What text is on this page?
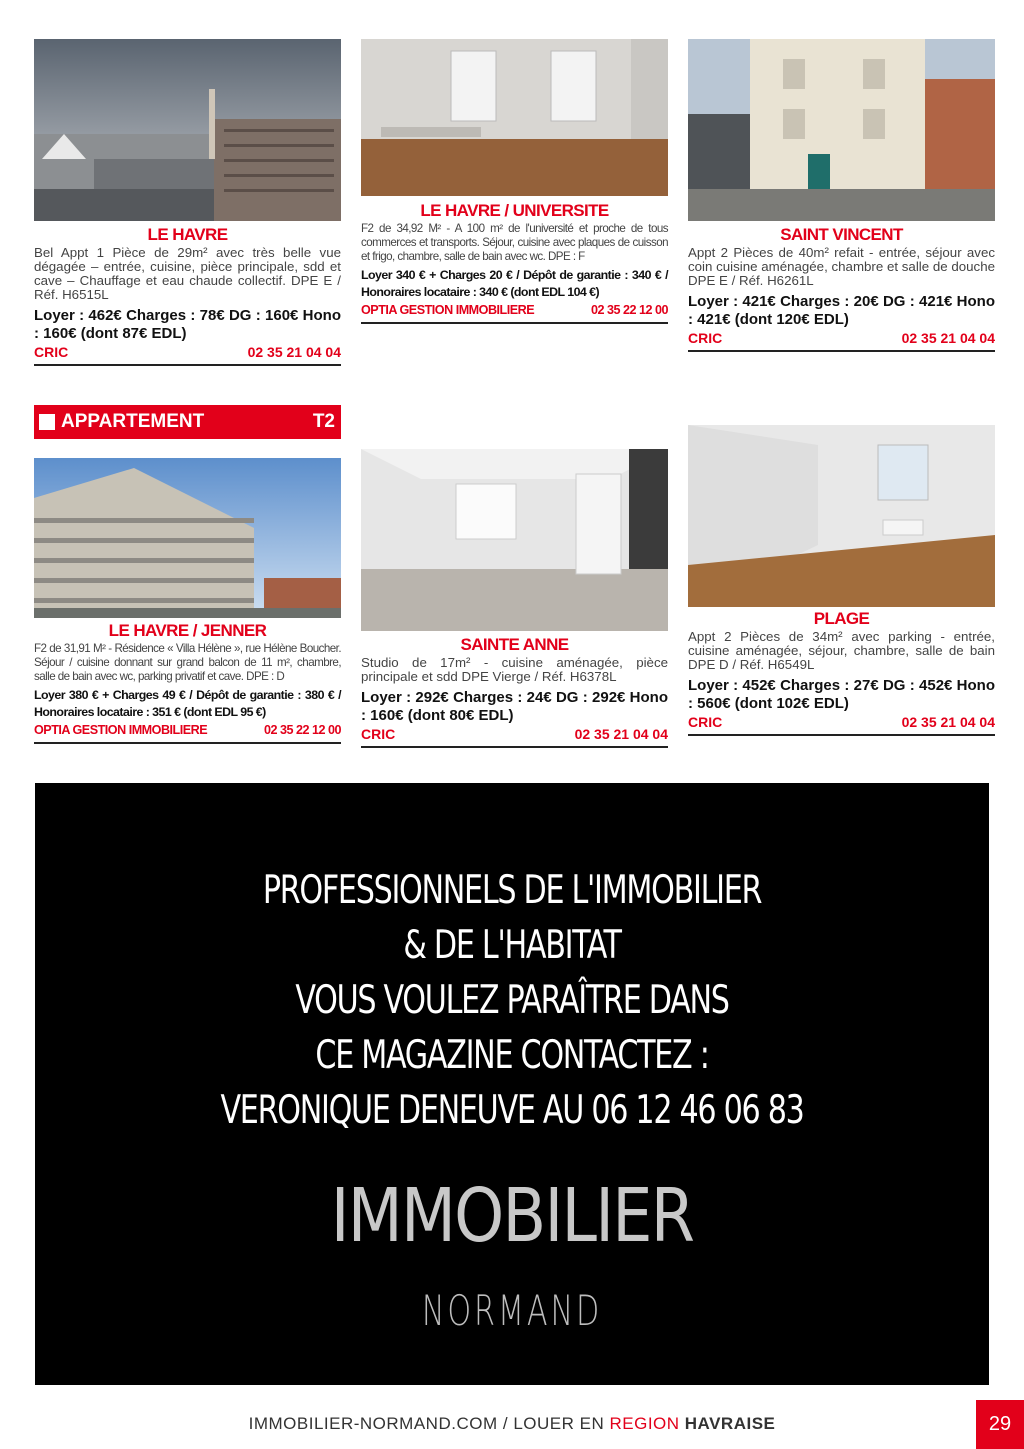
LE HAVRE
Bel Appt 1 Pièce de 29m² avec très belle vue dégagée – entrée, cuisine, pièce principale, sdd et cave – Chauffage et eau chaude collectif. DPE E / Réf. H6515L
Loyer : 462€ Charges : 78€ DG : 160€ Hono : 160€ (dont 87€ EDL)
CRIC	02 35 21 04 04
LE HAVRE / UNIVERSITE
F2 de 34,92 M² - A 100 m² de l'université et proche de tous commerces et transports. Séjour, cuisine avec plaques de cuisson et frigo, chambre, salle de bain avec wc. DPE : F
Loyer 340 € + Charges 20 € / Dépôt de garantie : 340 € / Honoraires locataire : 340 € (dont EDL 104 €)
OPTIA GESTION IMMOBILIERE	02 35 22 12 00
SAINT VINCENT
Appt 2 Pièces de 40m² refait - entrée, séjour avec coin cuisine aménagée, chambre et salle de douche DPE E / Réf. H6261L
Loyer : 421€ Charges : 20€ DG : 421€ Hono : 421€ (dont 120€ EDL)
CRIC	02 35 21 04 04
APPARTEMENT	T2
LE HAVRE / JENNER
F2 de 31,91 M² - Résidence « Villa Hélène », rue Hélène Boucher. Séjour / cuisine donnant sur grand balcon de 11 m², chambre, salle de bain avec wc, parking privatif et cave. DPE : D
Loyer 380 € + Charges 49 € / Dépôt de garantie : 380 € / Honoraires locataire : 351 € (dont EDL 95 €)
OPTIA GESTION IMMOBILIERE	02 35 22 12 00
SAINTE ANNE
Studio de 17m² - cuisine aménagée, pièce principale et sdd DPE Vierge / Réf. H6378L
Loyer : 292€ Charges : 24€ DG : 292€ Hono : 160€ (dont 80€ EDL)
CRIC	02 35 21 04 04
PLAGE
Appt 2 Pièces de 34m² avec parking - entrée, cuisine aménagée, séjour, chambre, salle de bain DPE D / Réf. H6549L
Loyer : 452€ Charges : 27€ DG : 452€ Hono : 560€ (dont 102€ EDL)
CRIC	02 35 21 04 04
PROFESSIONNELS DE L'IMMOBILIER
& DE L'HABITAT
VOUS VOULEZ PARAÎTRE DANS
CE MAGAZINE CONTACTEZ :
VERONIQUE DENEUVE AU 06 12 46 06 83
IMMOBILIER
NORMAND
IMMOBILIER-NORMAND.COM / LOUER EN REGION HAVRAISE	29
